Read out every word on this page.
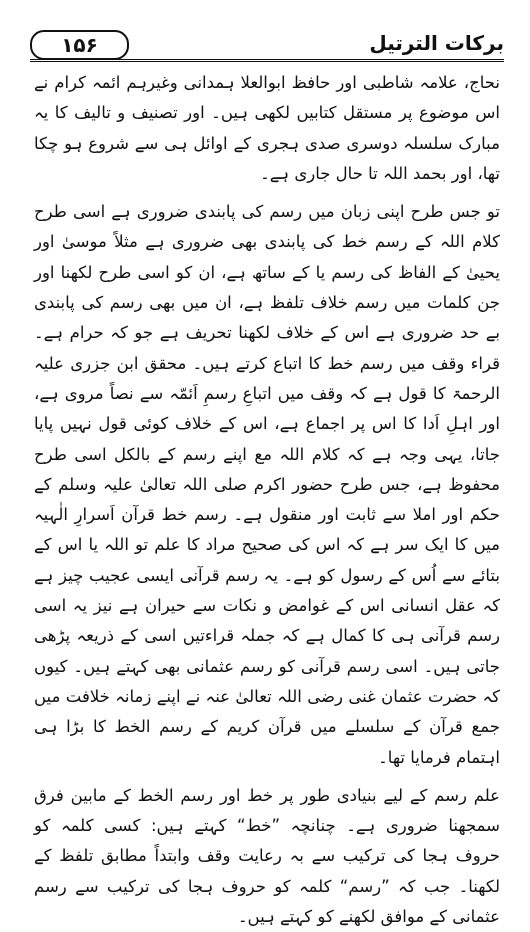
۱۵۶	برکات الترتیل

نحاج، علامہ شاطبی اور حافظ ابوالعلا ہمدانی وغیرہم ائمہ کرام نے اس موضوع پر مستقل کتابیں لکھی ہیں۔ اور تصنیف و تالیف کا یہ مبارک سلسلہ دوسری صدی ہجری کے اوائل ہی سے شروع ہو چکا تھا، اور بحمد اللہ تا حال جاری ہے۔

تو جس طرح اپنی زبان میں رسم کی پابندی ضروری ہے اسی طرح کلام اللہ کے رسم خط کی پابندی بھی ضروری ہے مثلاً موسیٰ اور یحییٰ کے الفاظ کی رسم یا کے ساتھ ہے، ان کو اسی طرح لکھنا اور جن کلمات میں رسم خلاف تلفظ ہے، ان میں بھی رسم کی پابندی بے حد ضروری ہے اس کے خلاف لکھنا تحریف ہے جو کہ حرام ہے۔ قراء وقف میں رسم خط کا اتباع کرتے ہیں۔ محقق ابن جزری علیہ الرحمۃ کا قول ہے کہ وقف میں اتباعِ رسمِ اَئمّہ سے نصاً مروی ہے، اور اہلِ اَدا کا اس پر اجماع ہے، اس کے خلاف کوئی قول نہیں پایا جاتا، یہی وجہ ہے کہ کلام اللہ مع اپنے رسم کے بالکل اسی طرح محفوظ ہے، جس طرح حضور اکرم صلی اللہ تعالیٰ علیہ وسلم کے حکم اور املا سے ثابت اور منقول ہے۔ رسم خط قرآن اَسرارِ الٰہیہ میں کا ایک سر ہے کہ اس کی صحیح مراد کا علم تو اللہ یا اس کے بتائے سے اُس کے رسول کو ہے۔ یہ رسم قرآنی ایسی عجیب چیز ہے کہ عقل انسانی اس کے غوامض و نکات سے حیران ہے نیز یہ اسی رسم قرآنی ہی کا کمال ہے کہ جملہ قراءتیں اسی کے ذریعہ پڑھی جاتی ہیں۔ اسی رسم قرآنی کو رسم عثمانی بھی کہتے ہیں۔ کیوں کہ حضرت عثمان غنی رضی اللہ تعالیٰ عنہ نے اپنے زمانہ خلافت میں جمع قرآن کے سلسلے میں قرآن کریم کے رسم الخط کا بڑا ہی اہتمام فرمایا تھا۔

علم رسم کے لیے بنیادی طور پر خط اور رسم الخط کے مابین فرق سمجھنا ضروری ہے۔ چنانچہ ”خط“ کہتے ہیں: کسی کلمہ کو حروف ہجا کی ترکیب سے بہ رعایت وقف وابتداً مطابق تلفظ کے لکھنا۔ جب کہ ”رسم“ کلمہ کو حروف ہجا کی ترکیب سے رسم عثمانی کے موافق لکھنے کو کہتے ہیں۔
